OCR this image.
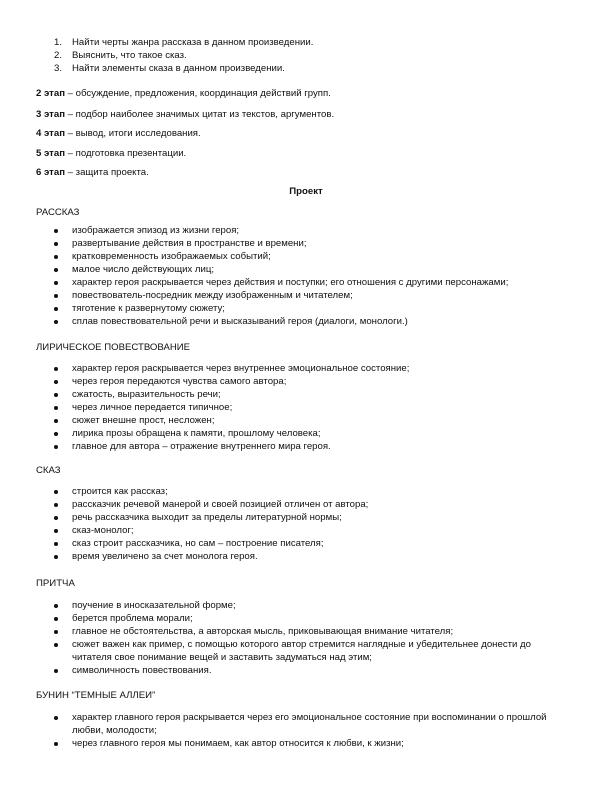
1. Найти черты жанра рассказа в данном произведении.
2. Выяснить, что такое сказ.
3. Найти элементы сказа в данном произведении.
2 этап – обсуждение, предложения, координация действий групп.
3 этап – подбор наиболее значимых цитат из текстов, аргументов.
4 этап – вывод, итоги исследования.
5 этап – подготовка презентации.
6 этап – защита проекта.
Проект
РАССКАЗ
изображается эпизод из жизни героя;
развертывание действия в пространстве и времени;
кратковременность изображаемых событий;
малое число действующих лиц;
характер героя раскрывается через действия и поступки; его отношения с другими персонажами;
повествователь-посредник между изображенным и читателем;
тяготение к развернутому сюжету;
сплав повествовательной речи и высказываний героя (диалоги, монологи.)
ЛИРИЧЕСКОЕ ПОВЕСТВОВАНИЕ
характер героя раскрывается через внутреннее эмоциональное состояние;
через героя передаются чувства самого автора;
сжатость, выразительность речи;
через личное передается типичное;
сюжет внешне прост, несложен;
лирика прозы обращена к памяти, прошлому человека;
главное для автора – отражение внутреннего мира героя.
СКАЗ
строится как рассказ;
рассказчик речевой манерой и своей позицией отличен от автора;
речь рассказчика выходит за пределы литературной нормы;
сказ-монолог;
сказ строит рассказчика, но сам – построение писателя;
время увеличено за счет монолога героя.
ПРИТЧА
поучение в иносказательной форме;
берется проблема морали;
главное не обстоятельства, а авторская мысль, приковывающая внимание читателя;
сюжет важен как пример, с помощью которого автор стремится наглядные и убедительнее донести до
читателя свое понимание вещей и заставить задуматься над этим;
символичность повествования.
БУНИН “ТЕМНЫЕ АЛЛЕИ”
характер главного героя раскрывается через его эмоциональное состояние при воспоминании о прошлой
любви, молодости;
через главного героя мы понимаем, как автор относится к любви, к жизни;
